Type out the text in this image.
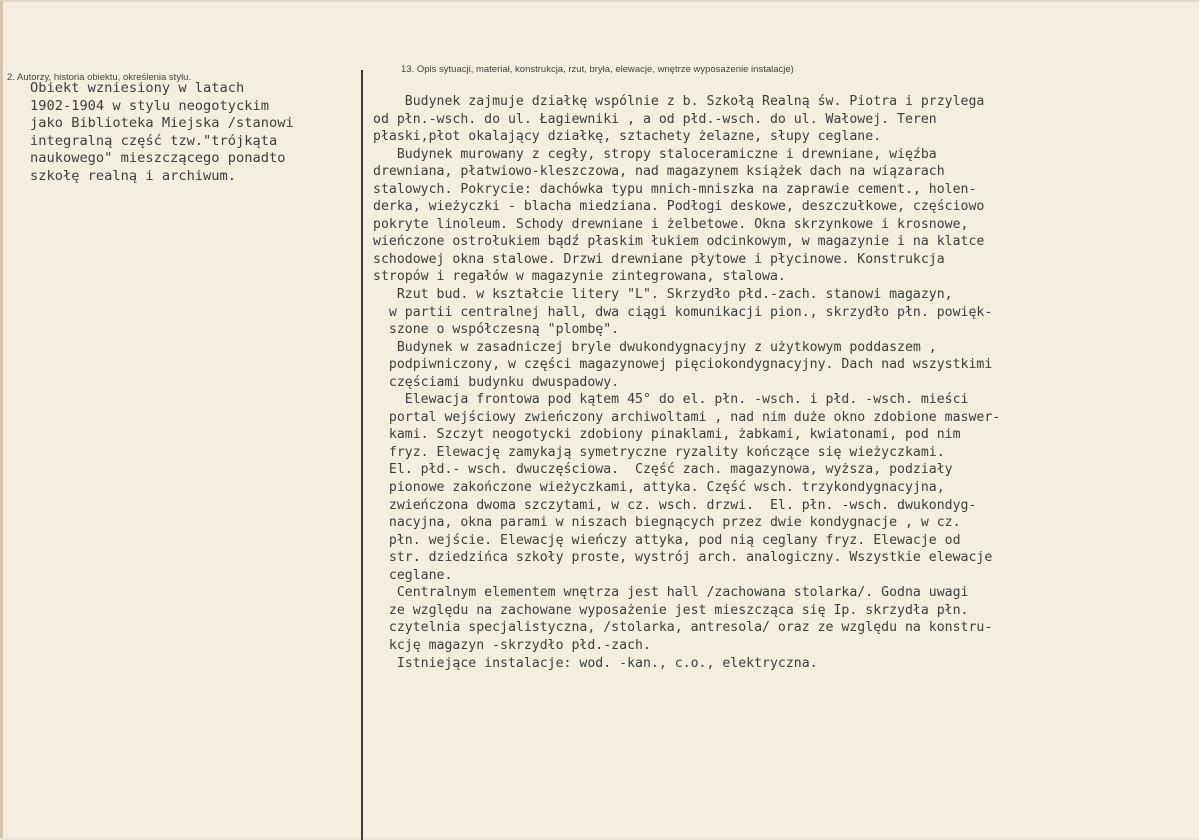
2. Autorzy, historia obiektu, określenia stylu.
13. Opis sytuacji, materiał, konstrukcja, rzut, bryła, elewacje, wnętrze wyposażenie instalacje)
Obiekt wzniesiony w latach
1902-1904 w stylu neogotyckim
jako Biblioteka Miejska /stanowi
integralną część tzw."trójkąta
naukowego" mieszczącego ponadto
szkołę realną i archiwum.
Budynek zajmuje działkę wspólnie z b. Szkołą Realną św. Piotra i przylega
od płn.-wsch. do ul. Łagiewniki , a od płd.-wsch. do ul. Wałowej. Teren
płaski,płot okalający działkę, sztachety żelazne, słupy ceglane.
Budynek murowany z cegły, stropy staloceramiczne i drewniane, więźba
drewniana, płatwiowo-kleszczowa, nad magazynem książek dach na wiązarach
stalowych. Pokrycie: dachówka typu mnich-mniszka na zaprawie cement., holen-
derka, wieżyczki - blacha miedziana. Podłogi deskowe, deszczułkowe, częściowo
pokryte linoleum. Schody drewniane i żelbetowe. Okna skrzynkowe i krosnowe,
wieńczone ostrołukiem bądź płaskim łukiem odcinkowym, w magazynie i na klatce
schodowej okna stalowe. Drzwi drewniane płytowe i płycinowe. Konstrukcja
stropów i regałów w magazynie zintegrowana, stalowa.
Rzut bud. w kształcie litery "L". Skrzydło płd.-zach. stanowi magazyn,
w partii centralnej hall, dwa ciągi komunikacji pion., skrzydło płn. powięk-
szone o współczesną "plombę".
Budynek w zasadniczej bryle dwukondygnacyjny z użytkowym poddaszem ,
podpiwniczony, w części magazynowej pięciokondygnacyjny. Dach nad wszystkimi
częściami budynku dwuspadowy.
Elewacja frontowa pod kątem 45° do el. płn. -wsch. i płd. -wsch. mieści
portal wejściowy zwieńczony archiwoltami , nad nim duże okno zdobione maswer-
kami. Szczyt neogotycki zdobiony pinaklami, żabkami, kwiatonami, pod nim
fryz. Elewację zamykają symetryczne ryzality kończące się wieżyczkami.
El. płd.- wsch. dwuczęściowa.  Część zach. magazynowa, wyższa, podziały
pionowe zakończone wieżyczkami, attyka. Część wsch. trzykondygnacyjna,
zwieńczona dwoma szczytami, w cz. wsch. drzwi.  El. płn. -wsch. dwukondyg-
nacyjna, okna parami w niszach biegnących przez dwie kondygnacje , w cz.
płn. wejście. Elewację wieńczy attyka, pod nią ceglany fryz. Elewacje od
str. dziedzińca szkoły proste, wystrój arch. analogiczny. Wszystkie elewacje
ceglane.
Centralnym elementem wnętrza jest hall /zachowana stolarka/. Godna uwagi
ze względu na zachowane wyposażenie jest mieszcząca się Ip. skrzydła płn.
czytelnia specjalistyczna, /stolarka, antresola/ oraz ze względu na konstru-
kcję magazyn -skrzydło płd.-zach.
Istniejące instalacje: wod. -kan., c.o., elektryczna.
